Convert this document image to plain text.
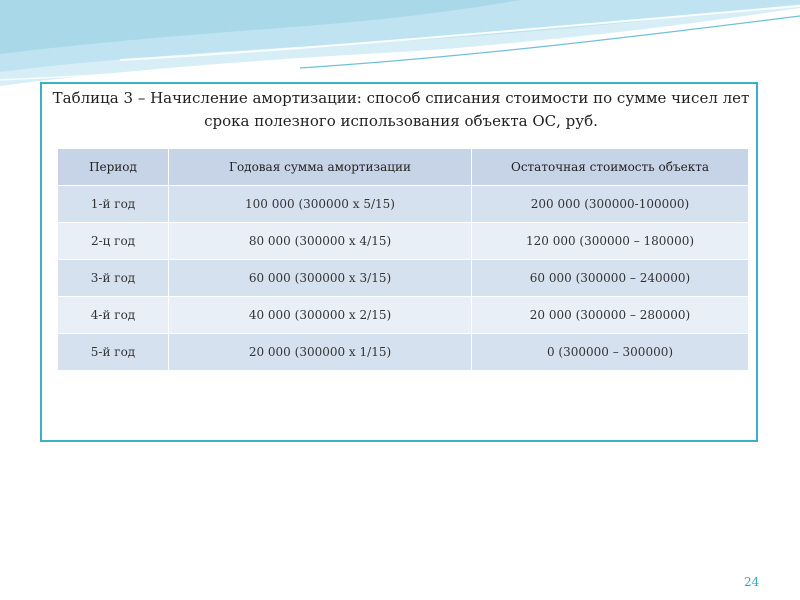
Таблица 3 – Начисление амортизации: способ списания стоимости по сумме чисел лет
срока полезного использования объекта ОС, руб.
Период	Годовая сумма амортизации	Остаточная стоимость объекта
1-й год	100 000 (300000 х 5/15)	200 000 (300000-100000)
2-ц год	80 000 (300000 х 4/15)	120 000 (300000 – 180000)
3-й год	60 000 (300000 х 3/15)	60 000 (300000 – 240000)
4-й год	40 000 (300000 х 2/15)	20 000 (300000 – 280000)
5-й год	20 000 (300000 х 1/15)	0 (300000 – 300000)
24
